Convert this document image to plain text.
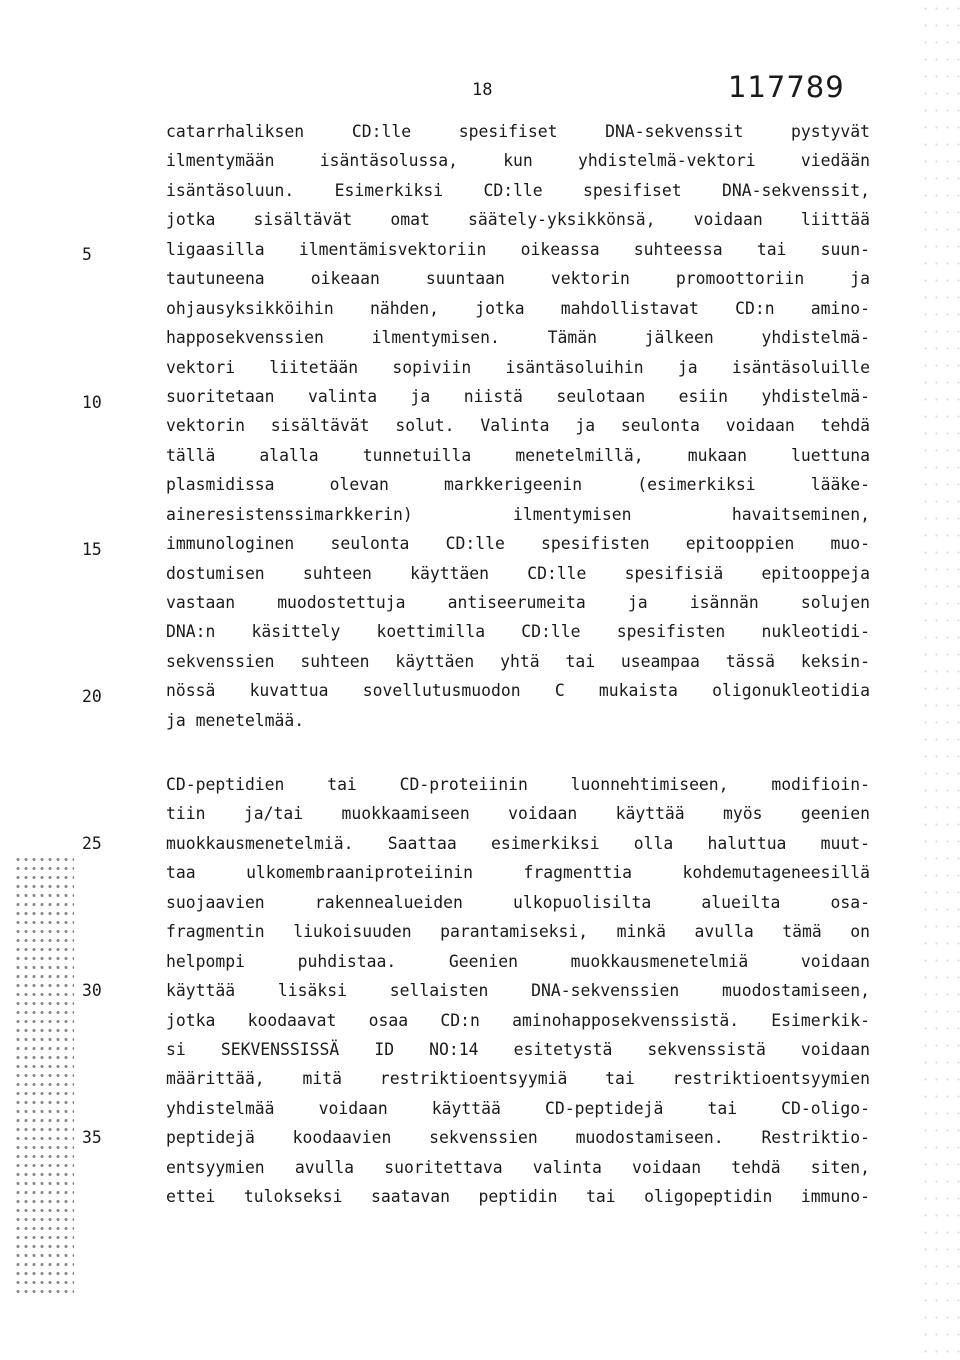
18	117789
5
10
15
20
25
30
35
catarrhaliksen CD:lle spesifiset DNA-sekvenssit pystyvät
ilmentymään isäntäsolussa, kun yhdistelmä-vektori viedään
isäntäsoluun. Esimerkiksi CD:lle spesifiset DNA-sekvenssit,
jotka sisältävät omat säätely-yksikkönsä, voidaan liittää
ligaasilla ilmentämisvektoriin oikeassa suhteessa tai suun-
tautuneena oikeaan suuntaan vektorin promoottoriin ja
ohjausyksikköihin nähden, jotka mahdollistavat CD:n amino-
happosekvenssien ilmentymisen. Tämän jälkeen yhdistelmä-
vektori liitetään sopiviin isäntäsoluihin ja isäntäsoluille
suoritetaan valinta ja niistä seulotaan esiin yhdistelmä-
vektorin sisältävät solut. Valinta ja seulonta voidaan tehdä
tällä alalla tunnetuilla menetelmillä, mukaan luettuna
plasmidissa olevan markkerigeenin (esimerkiksi lääke-
aineresistenssimarkkerin) ilmentymisen havaitseminen,
immunologinen seulonta CD:lle spesifisten epitooppien muo-
dostumisen suhteen käyttäen CD:lle spesifisiä epitooppeja
vastaan muodostettuja antiseerumeita ja isännän solujen
DNA:n käsittely koettimilla CD:lle spesifisten nukleotidi-
sekvenssien suhteen käyttäen yhtä tai useampaa tässä keksin-
nössä kuvattua sovellutusmuodon C mukaista oligonukleotidia
ja menetelmää.
CD-peptidien tai CD-proteiinin luonnehtimiseen, modifioin-
tiin ja/tai muokkaamiseen voidaan käyttää myös geenien
muokkausmenetelmiä. Saattaa esimerkiksi olla haluttua muut-
taa ulkomembraaniproteiinin fragmenttia kohdemutageneesillä
suojaavien rakennealueiden ulkopuolisilta alueilta osa-
fragmentin liukoisuuden parantamiseksi, minkä avulla tämä on
helpompi puhdistaa. Geenien muokkausmenetelmiä voidaan
käyttää lisäksi sellaisten DNA-sekvenssien muodostamiseen,
jotka koodaavat osaa CD:n aminohapposekvenssistä. Esimerkik-
si SEKVENSSISSÄ ID NO:14 esitetystä sekvenssistä voidaan
määrittää, mitä restriktioentsyymiä tai restriktioentsyymien
yhdistelmää voidaan käyttää CD-peptidejä tai CD-oligo-
peptidejä koodaavien sekvenssien muodostamiseen. Restriktio-
entsyymien avulla suoritettava valinta voidaan tehdä siten,
ettei tulokseksi saatavan peptidin tai oligopeptidin immuno-
